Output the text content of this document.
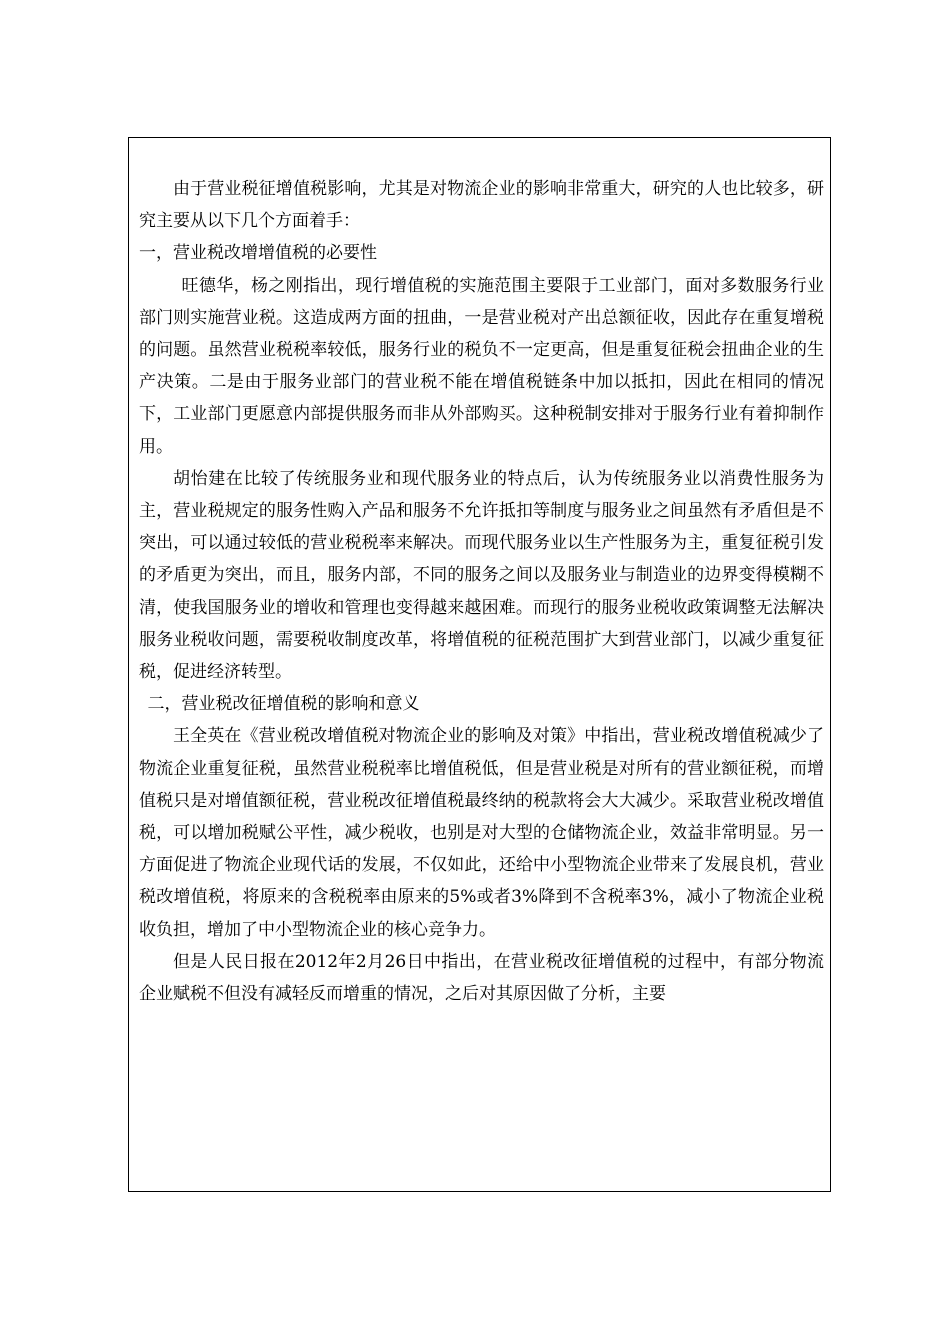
由于营业税征增值税影响，尤其是对物流企业的影响非常重大，研究的人也比较多，研究主要从以下几个方面着手：

一，营业税改增增值税的必要性

旺德华，杨之刚指出，现行增值税的实施范围主要限于工业部门，面对多数服务行业部门则实施营业税。这造成两方面的扭曲，一是营业税对产出总额征收，因此存在重复增税的问题。虽然营业税税率较低，服务行业的税负不一定更高，但是重复征税会扭曲企业的生产决策。二是由于服务业部门的营业税不能在增值税链条中加以抵扣，因此在相同的情况下，工业部门更愿意内部提供服务而非从外部购买。这种税制安排对于服务行业有着抑制作用。

胡怡建在比较了传统服务业和现代服务业的特点后，认为传统服务业以消费性服务为主，营业税规定的服务性购入产品和服务不允许抵扣等制度与服务业之间虽然有矛盾但是不突出，可以通过较低的营业税税率来解决。而现代服务业以生产性服务为主，重复征税引发的矛盾更为突出，而且，服务内部，不同的服务之间以及服务业与制造业的边界变得模糊不清，使我国服务业的增收和管理也变得越来越困难。而现行的服务业税收政策调整无法解决服务业税收问题，需要税收制度改革，将增值税的征税范围扩大到营业部门，以减少重复征税，促进经济转型。

二，营业税改征增值税的影响和意义

王全英在《营业税改增值税对物流企业的影响及对策》中指出，营业税改增值税减少了物流企业重复征税，虽然营业税税率比增值税低，但是营业税是对所有的营业额征税，而增值税只是对增值额征税，营业税改征增值税最终纳的税款将会大大减少。采取营业税改增值税，可以增加税赋公平性，减少税收，也别是对大型的仓储物流企业，效益非常明显。另一方面促进了物流企业现代话的发展，不仅如此，还给中小型物流企业带来了发展良机，营业税改增值税，将原来的含税税率由原来的5%或者3%降到不含税率3%，减小了物流企业税收负担，增加了中小型物流企业的核心竞争力。

但是人民日报在2012年2月26日中指出，在营业税改征增值税的过程中，有部分物流企业赋税不但没有减轻反而增重的情况，之后对其原因做了分析，主要
